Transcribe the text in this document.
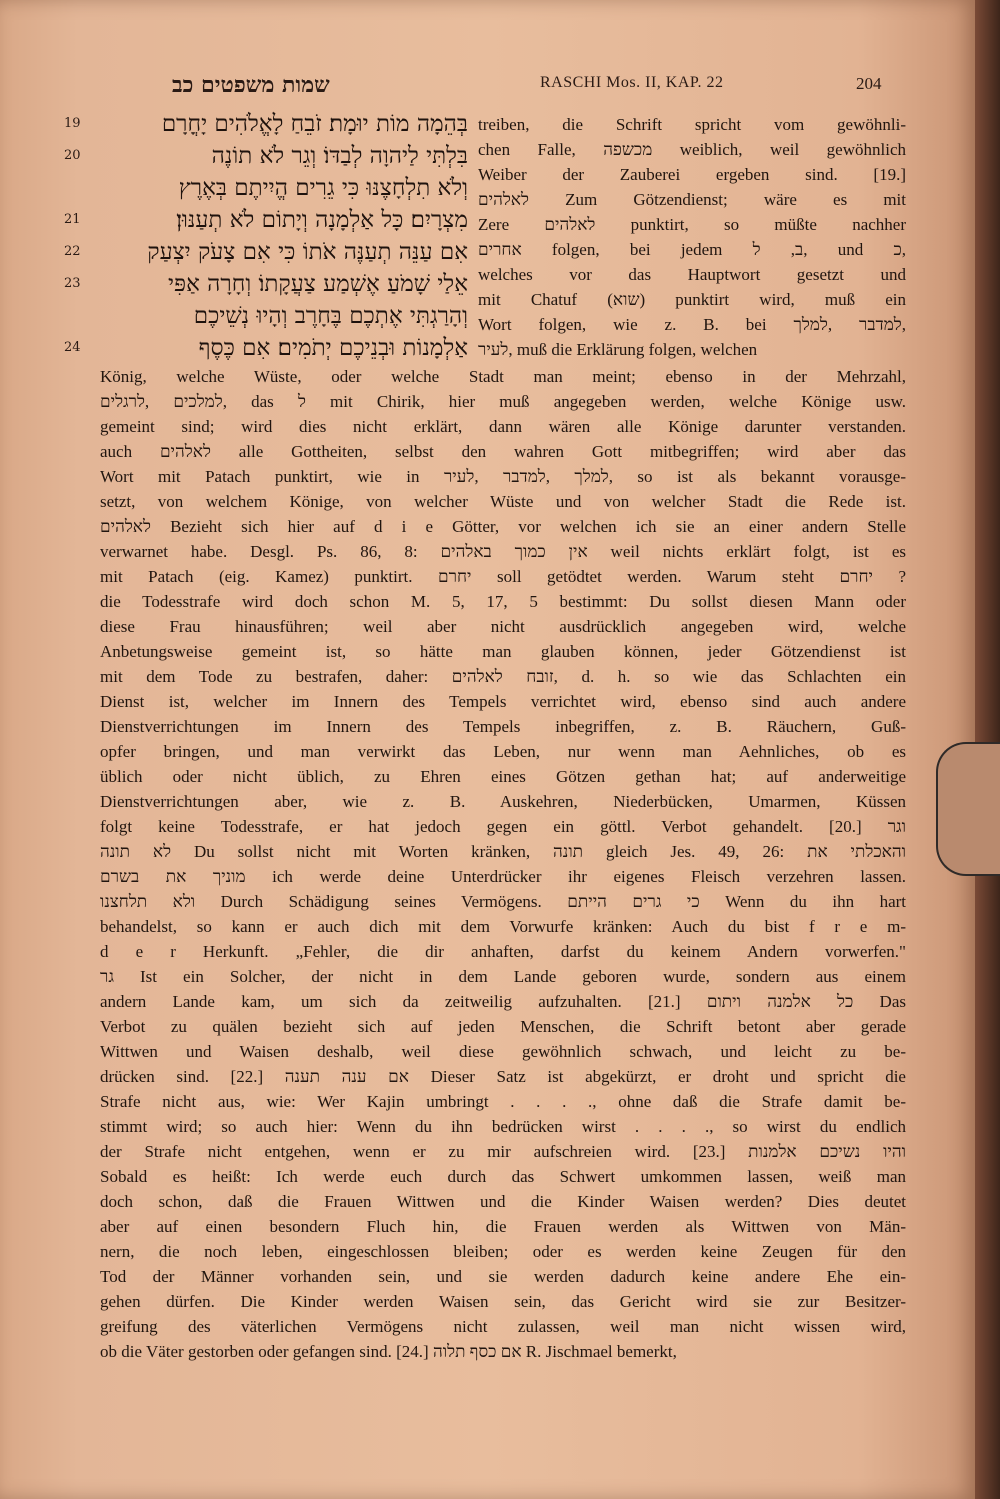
שמות משפטים כב	RASCHI Mos. II, KAP. 22	204
19
20
21
22
23
24
בְּהֵמָה מוֹת יוּמָת׃ זֹבֵחַ לָאֱלֹהִים יָחֳרָם
בִּלְתִּי לַיהוָה לְבַדּוֹ׃ וְגֵר לֹא תוֹנֶה
וְלֹא תִלְחָצֶנּוּ כִּי גֵרִים הֱיִיתֶם בְּאֶרֶץ
מִצְרָיִם׃ כָּל אַלְמָנָה וְיָתוֹם לֹא תְעַנּוּן׃
אִם עַנֵּה תְעַנֶּה אֹתוֹ כִּי אִם צָעֹק יִצְעַק
אֵלַי שָׁמֹעַ אֶשְׁמַע צַעֲקָתוֹ׃ וְחָרָה אַפִּי
וְהָרַגְתִּי אֶתְכֶם בֶּחָרֶב וְהָיוּ נְשֵׁיכֶם
אַלְמָנוֹת וּבְנֵיכֶם יְתֹמִים׃ אִם כֶּסֶף
treiben, die Schrift spricht vom gewöhnli-
chen Falle, מכשפה weiblich, weil gewöhnlich
Weiber der Zauberei ergeben sind. [19.]
לאלהים Zum Götzendienst; wäre es mit
Zere לאלהים punktirt, so müßte nachher
אחרים folgen, bei jedem ב, ל, und כ,
welches vor das Hauptwort gesetzt und
mit Chatuf (שוא) punktirt wird, muß ein
Wort folgen, wie z. B. bei למדבר ,למלך,
לעיר, muß die Erklärung folgen, welchen
König, welche Wüste, oder welche Stadt man meint; ebenso in der Mehrzahl,
למלכים ,לרגלים, das ל mit Chirik, hier muß angegeben werden, welche Könige usw.
gemeint sind; wird dies nicht erklärt, dann wären alle Könige darunter verstanden.
auch לאלהים alle Gottheiten, selbst den wahren Gott mitbegriffen; wird aber das
Wort mit Patach punktirt, wie in למלך ,למדבר ,לעיר, so ist als bekannt vorausge-
setzt, von welchem Könige, von welcher Wüste und von welcher Stadt die Rede ist.
לאלהים Bezieht sich hier auf d i e Götter, vor welchen ich sie an einer andern Stelle
verwarnet habe. Desgl. Ps. 86, 8: אין כמוך באלהים weil nichts erklärt folgt, ist es
mit Patach (eig. Kamez) punktirt. יחרם soll getödtet werden. Warum steht יחרם ?
die Todesstrafe wird doch schon M. 5, 17, 5 bestimmt: Du sollst diesen Mann oder
diese Frau hinausführen; weil aber nicht ausdrücklich angegeben wird, welche
Anbetungsweise gemeint ist, so hätte man glauben können, jeder Götzendienst ist
mit dem Tode zu bestrafen, daher: זובח לאלהים, d. h. so wie das Schlachten ein
Dienst ist, welcher im Innern des Tempels verrichtet wird, ebenso sind auch andere
Dienstverrichtungen im Innern des Tempels inbegriffen, z. B. Räuchern, Guß-
opfer bringen, und man verwirkt das Leben, nur wenn man Aehnliches, ob es
üblich oder nicht üblich, zu Ehren eines Götzen gethan hat; auf anderweitige
Dienstverrichtungen aber, wie z. B. Auskehren, Niederbücken, Umarmen, Küssen
folgt keine Todesstrafe, er hat jedoch gegen ein göttl. Verbot gehandelt. [20.] וגר
לא תונה Du sollst nicht mit Worten kränken, תונה gleich Jes. 49, 26: והאכלתי את
מוניך את בשרם ich werde deine Unterdrücker ihr eigenes Fleisch verzehren lassen.
ולא תלחצנו Durch Schädigung seines Vermögens. כי גרים הייתם Wenn du ihn hart
behandelst, so kann er auch dich mit dem Vorwurfe kränken: Auch du bist f r e m-
d e r Herkunft. „Fehler, die dir anhaften, darfst du keinem Andern vorwerfen."
גר Ist ein Solcher, der nicht in dem Lande geboren wurde, sondern aus einem
andern Lande kam, um sich da zeitweilig aufzuhalten. [21.] כל אלמנה ויתום Das
Verbot zu quälen bezieht sich auf jeden Menschen, die Schrift betont aber gerade
Wittwen und Waisen deshalb, weil diese gewöhnlich schwach, und leicht zu be-
drücken sind. [22.] אם ענה תענה Dieser Satz ist abgekürzt, er droht und spricht die
Strafe nicht aus, wie: Wer Kajin umbringt . . . ., ohne daß die Strafe damit be-
stimmt wird; so auch hier: Wenn du ihn bedrücken wirst . . . ., so wirst du endlich
der Strafe nicht entgehen, wenn er zu mir aufschreien wird. [23.] והיו נשיכם אלמנות
Sobald es heißt: Ich werde euch durch das Schwert umkommen lassen, weiß man
doch schon, daß die Frauen Wittwen und die Kinder Waisen werden? Dies deutet
aber auf einen besondern Fluch hin, die Frauen werden als Wittwen von Män-
nern, die noch leben, eingeschlossen bleiben; oder es werden keine Zeugen für den
Tod der Männer vorhanden sein, und sie werden dadurch keine andere Ehe ein-
gehen dürfen. Die Kinder werden Waisen sein, das Gericht wird sie zur Besitzer-
greifung des väterlichen Vermögens nicht zulassen, weil man nicht wissen wird,
ob die Väter gestorben oder gefangen sind. [24.] אם כסף תלוה R. Jischmael bemerkt,
